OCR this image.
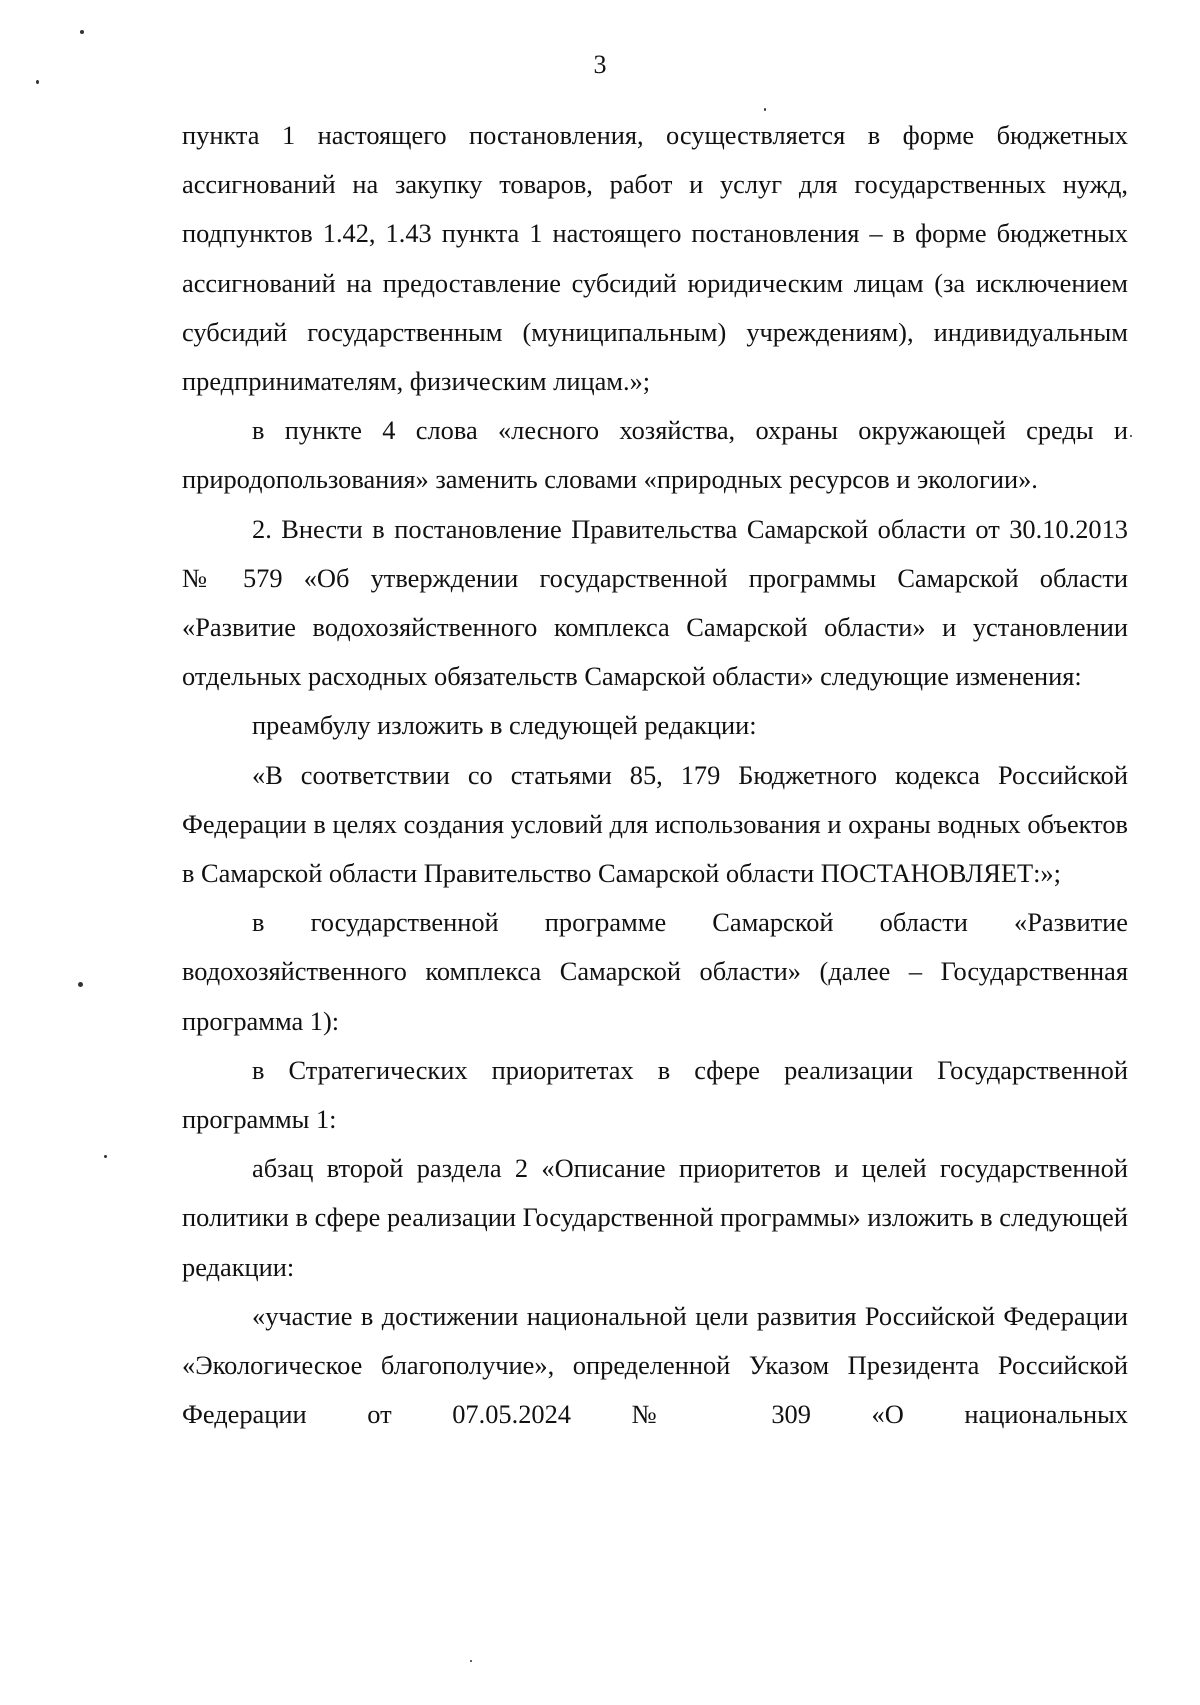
3

пункта 1 настоящего постановления, осуществляется в форме бюджетных ассигнований на закупку товаров, работ и услуг для государственных нужд, подпунктов 1.42, 1.43 пункта 1 настоящего постановления – в форме бюджетных ассигнований на предоставление субсидий юридическим лицам (за исключением субсидий государственным (муниципальным) учреждениям), индивидуальным предпринимателям, физическим лицам.»;

в пункте 4 слова «лесного хозяйства, охраны окружающей среды и природопользования» заменить словами «природных ресурсов и экологии».

2. Внести в постановление Правительства Самарской области от 30.10.2013 № 579 «Об утверждении государственной программы Самарской области «Развитие водохозяйственного комплекса Самарской области» и установлении отдельных расходных обязательств Самарской области» следующие изменения:

преамбулу изложить в следующей редакции:

«В соответствии со статьями 85, 179 Бюджетного кодекса Российской Федерации в целях создания условий для использования и охраны водных объектов в Самарской области Правительство Самарской области ПОСТАНОВЛЯЕТ:»;

в государственной программе Самарской области «Развитие водохозяйственного комплекса Самарской области» (далее – Государственная программа 1):

в Стратегических приоритетах в сфере реализации Государственной программы 1:

абзац второй раздела 2 «Описание приоритетов и целей государственной политики в сфере реализации Государственной программы» изложить в следующей редакции:

«участие в достижении национальной цели развития Российской Федерации «Экологическое благополучие», определенной Указом Президента Российской Федерации от 07.05.2024 № 309 «О национальных
